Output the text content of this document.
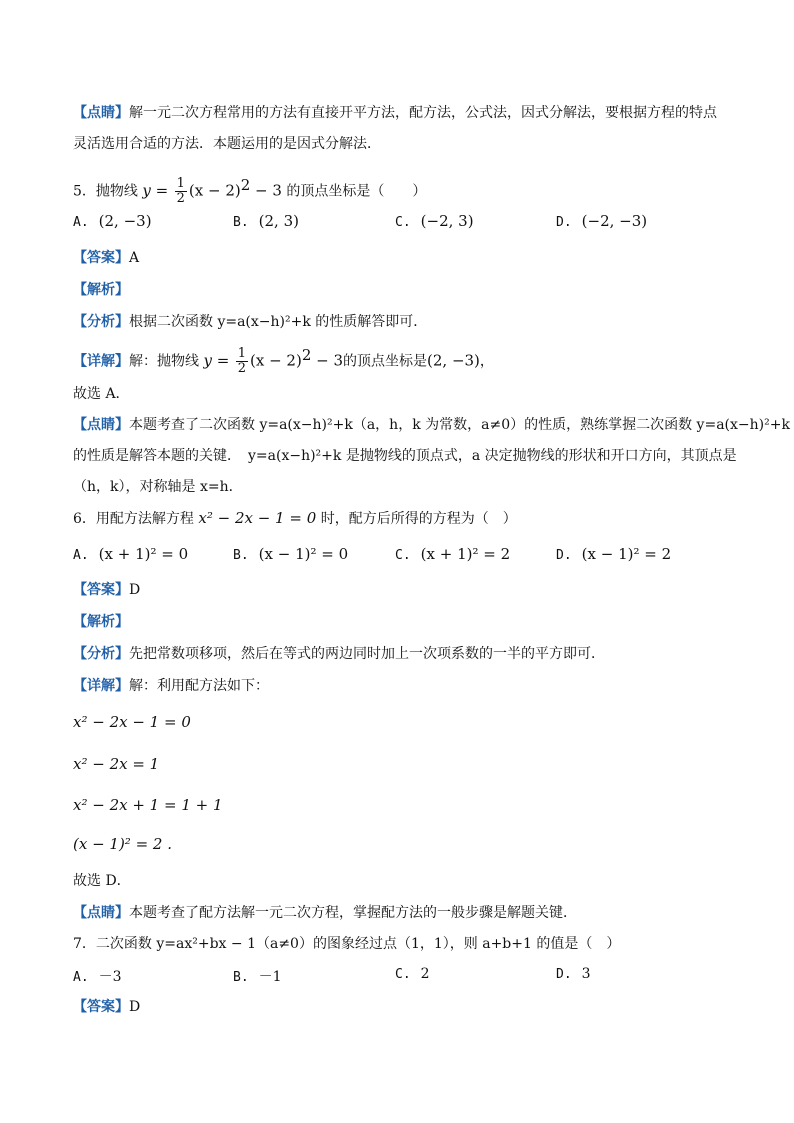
【点睛】解一元二次方程常用的方法有直接开平方法，配方法，公式法，因式分解法，要根据方程的特点
灵活选用合适的方法．本题运用的是因式分解法．
5．抛物线 $y = \frac{1}{2} (x - 2)^2 - 3$ 的顶点坐标是（　　）
A. (2, −3)	B. (2, 3)	C. (−2, 3)	D. (−2, −3)
【答案】A
【解析】
【分析】根据二次函数 y=a(x−h)²+k 的性质解答即可．
【详解】解：抛物线 $y = \frac{1}{2} (x - 2)^2 - 3$的顶点坐标是(2, −3)，
故选 A．
【点睛】本题考查了二次函数 y=a(x−h)²+k（a，h，k 为常数，a≠0）的性质，熟练掌握二次函数 y=a(x−h)²+k
的性质是解答本题的关键．　y=a(x−h)²+k 是抛物线的顶点式，a 决定抛物线的形状和开口方向，其顶点是
（h，k），对称轴是 x=h．
6．用配方法解方程 x² − 2x − 1 = 0 时，配方后所得的方程为（　）
A. (x + 1)² = 0	B. (x − 1)² = 0	C. (x + 1)² = 2	D. (x − 1)² = 2
【答案】D
【解析】
【分析】先把常数项移项，然后在等式的两边同时加上一次项系数的一半的平方即可．
【详解】解：利用配方法如下：
x² − 2x − 1 = 0
x² − 2x = 1
x² − 2x + 1 = 1 + 1
(x − 1)² = 2 .
故选 D．
【点睛】本题考查了配方法解一元二次方程，掌握配方法的一般步骤是解题关键．
7．二次函数 y=ax²+bx − 1（a≠0）的图象经过点（1，1），则 a+b+1 的值是（　）
A. －3	B. －1	C. 2	D. 3
【答案】D
